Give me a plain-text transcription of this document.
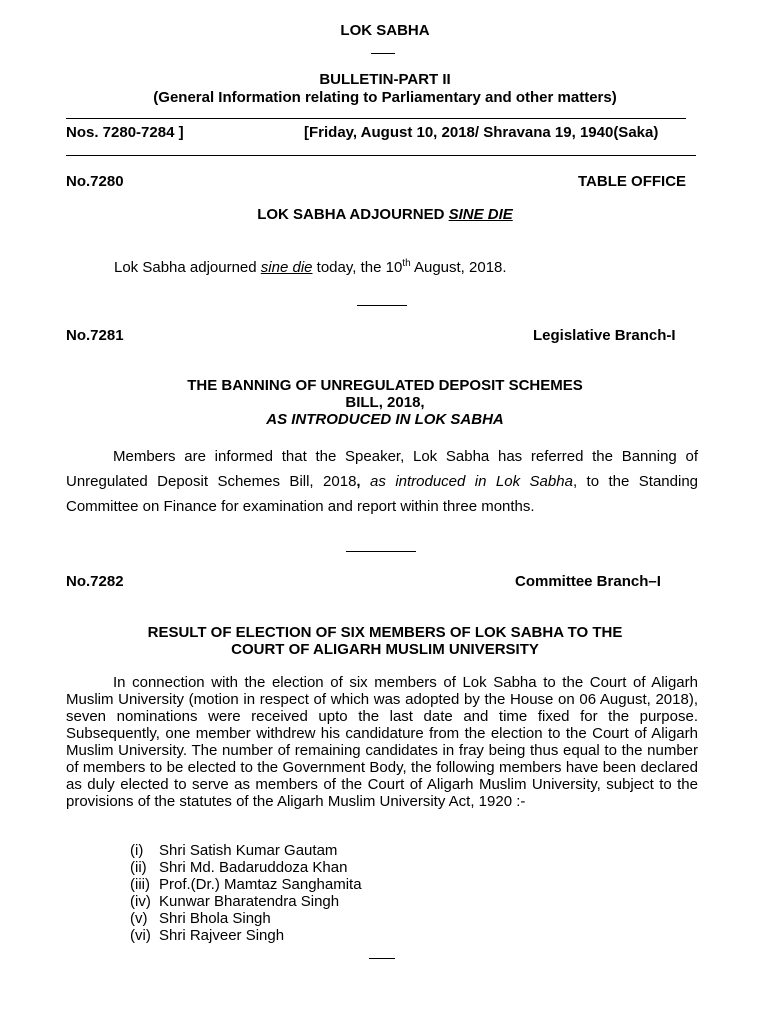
LOK SABHA
BULLETIN-PART II
(General Information relating to Parliamentary and other matters)
Nos. 7280-7284 ]	[Friday, August 10, 2018/ Shravana 19, 1940(Saka)
No.7280	TABLE OFFICE
LOK SABHA ADJOURNED SINE DIE
Lok Sabha adjourned sine die today, the 10th August, 2018.
No.7281	Legislative Branch-I
THE BANNING OF UNREGULATED DEPOSIT SCHEMES
BILL, 2018,
AS INTRODUCED IN LOK SABHA

Members are informed that the Speaker, Lok Sabha has referred the Banning of Unregulated Deposit Schemes Bill, 2018, as introduced in Lok Sabha, to the Standing Committee on Finance for examination and report within three months.

No.7282	Committee Branch–I
RESULT OF ELECTION OF SIX MEMBERS OF LOK SABHA TO THE
COURT OF ALIGARH MUSLIM UNIVERSITY

In connection with the election of six members of Lok Sabha to the Court of Aligarh Muslim University (motion in respect of which was adopted by the House on 06 August, 2018), seven nominations were received upto the last date and time fixed for the purpose. Subsequently, one member withdrew his candidature from the election to the Court of Aligarh Muslim University. The number of remaining candidates in fray being thus equal to the number of members to be elected to the Government Body, the following members have been declared as duly elected to serve as members of the Court of Aligarh Muslim University, subject to the provisions of the statutes of the Aligarh Muslim University Act, 1920 :-

(i) Shri Satish Kumar Gautam
(ii) Shri Md. Badaruddoza Khan
(iii) Prof.(Dr.) Mamtaz Sanghamita
(iv) Kunwar Bharatendra Singh
(v) Shri Bhola Singh
(vi) Shri Rajveer Singh
